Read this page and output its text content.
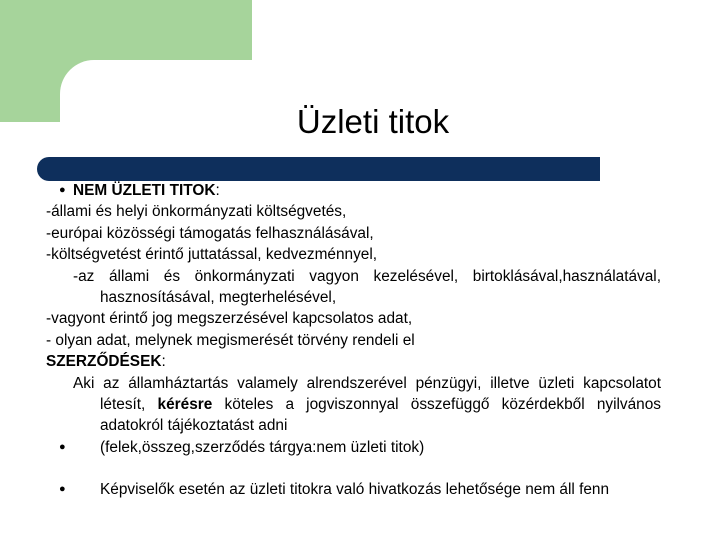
Üzleti titok

● NEM ÜZLETI TITOK:

-állami és helyi önkormányzati költségvetés,

-európai közösségi támogatás felhasználásával,

-költségvetést érintő juttatással, kedvezménnyel,

-az állami és önkormányzati vagyon kezelésével, birtoklásával,használatával, hasznosításával, megterhelésével,

-vagyont érintő jog megszerzésével kapcsolatos adat,

- olyan adat, melynek megismerését törvény rendeli el

SZERZŐDÉSEK:

Aki az államháztartás valamely alrendszerével pénzügyi, illetve üzleti kapcsolatot létesít, kérésre köteles a jogviszonnyal összefüggő közérdekből nyilvános adatokról tájékoztatást adni

● (felek,összeg,szerződés tárgya:nem üzleti titok)

● Képviselők esetén az üzleti titokra való hivatkozás lehetősége nem áll fenn
